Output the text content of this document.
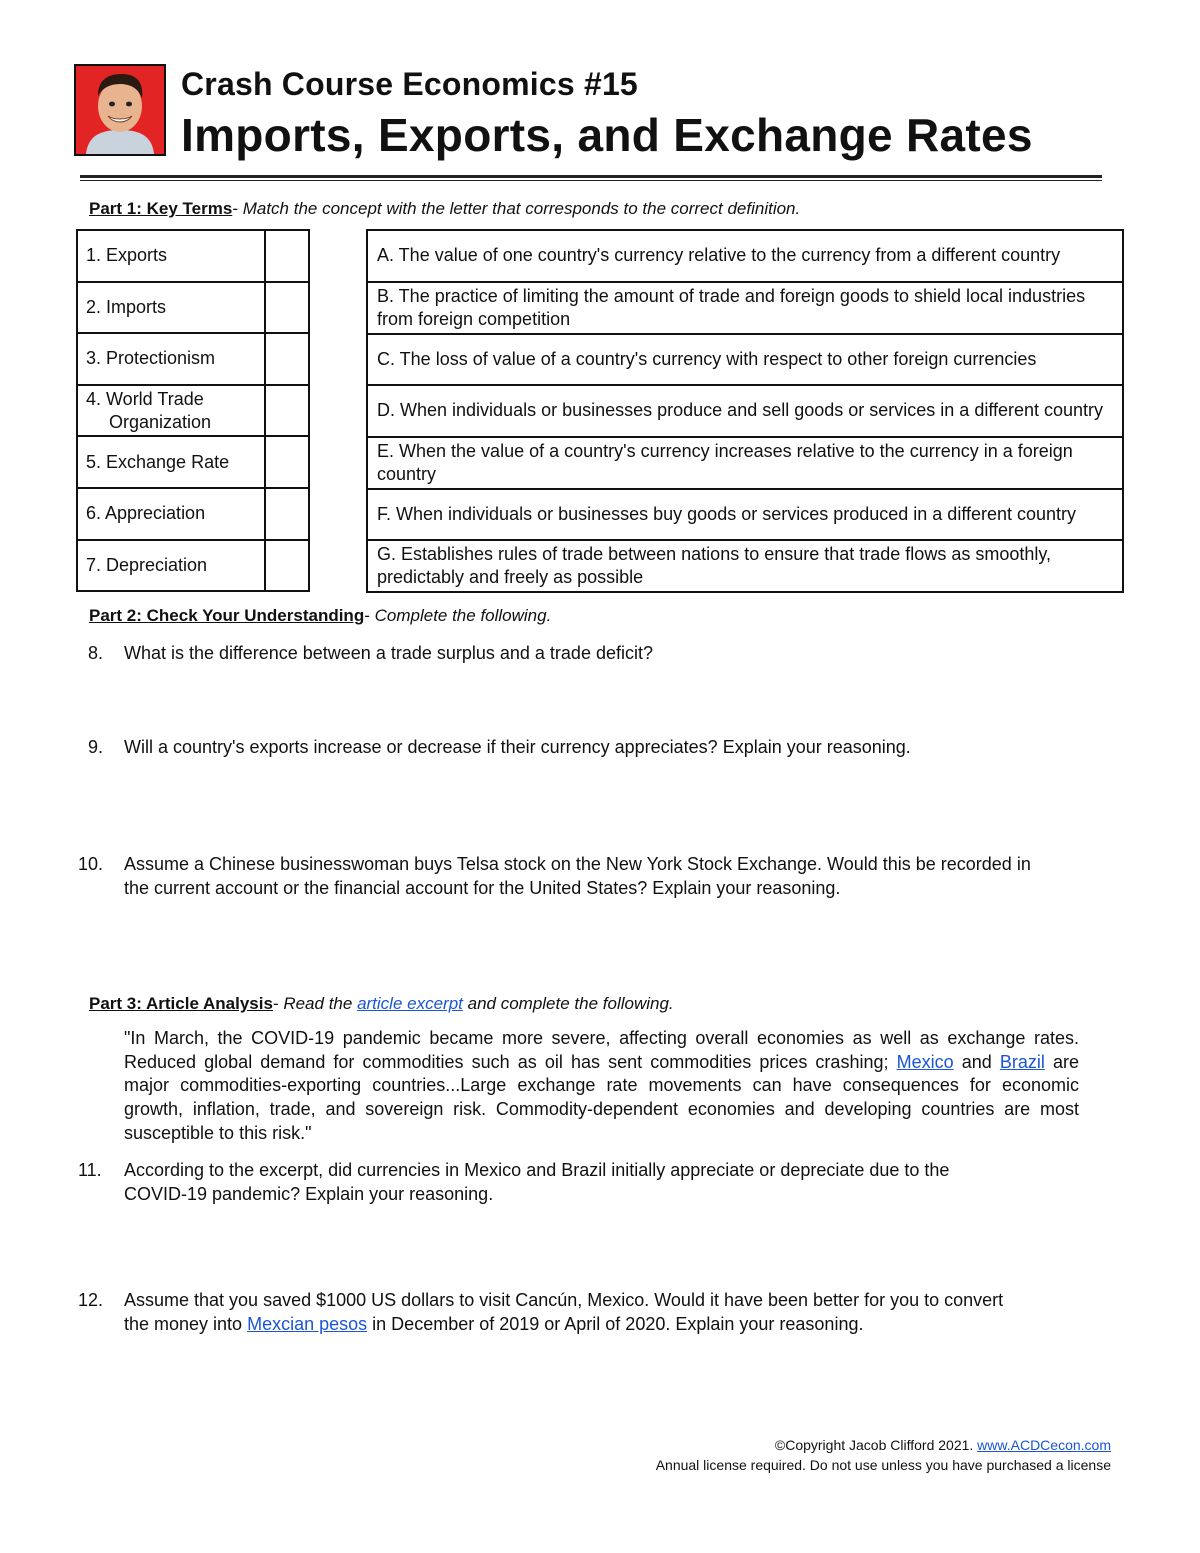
Crash Course Economics #15
Imports, Exports, and Exchange Rates
Part 1: Key Terms- Match the concept with the letter that corresponds to the correct definition.
1. Exports	
2. Imports	
3. Protectionism	
4. World Trade
Organization	

5. Exchange Rate	
6. Appreciation	
7. Depreciation	
A. The value of one country's currency relative to the currency from a different country
B. The practice of limiting the amount of trade and foreign goods to shield local industries from foreign competition
C. The loss of value of a country's currency with respect to other foreign currencies
D. When individuals or businesses produce and sell goods or services in a different country
E. When the value of a country's currency increases relative to the currency in a foreign country
F. When individuals or businesses buy goods or services produced in a different country
G. Establishes rules of trade between nations to ensure that trade flows as smoothly, predictably and freely as possible
Part 2: Check Your Understanding- Complete the following.
8. What is the difference between a trade surplus and a trade deficit?
9. Will a country's exports increase or decrease if their currency appreciates? Explain your reasoning.
10. Assume a Chinese businesswoman buys Telsa stock on the New York Stock Exchange. Would this be recorded in
the current account or the financial account for the United States? Explain your reasoning.
Part 3: Article Analysis- Read the article excerpt and complete the following.
"In March, the COVID-19 pandemic became more severe, affecting overall economies as well as exchange rates. Reduced global demand for commodities such as oil has sent commodities prices crashing; Mexico and Brazil are major commodities-exporting countries...Large exchange rate movements can have consequences for economic growth, inflation, trade, and sovereign risk. Commodity-dependent economies and developing countries are most susceptible to this risk."
11. According to the excerpt, did currencies in Mexico and Brazil initially appreciate or depreciate due to the
COVID-19 pandemic? Explain your reasoning.
12. Assume that you saved $1000 US dollars to visit Cancún, Mexico. Would it have been better for you to convert
the money into Mexcian pesos in December of 2019 or April of 2020. Explain your reasoning.
©Copyright Jacob Clifford 2021. www.ACDCecon.com
Annual license required. Do not use unless you have purchased a license
